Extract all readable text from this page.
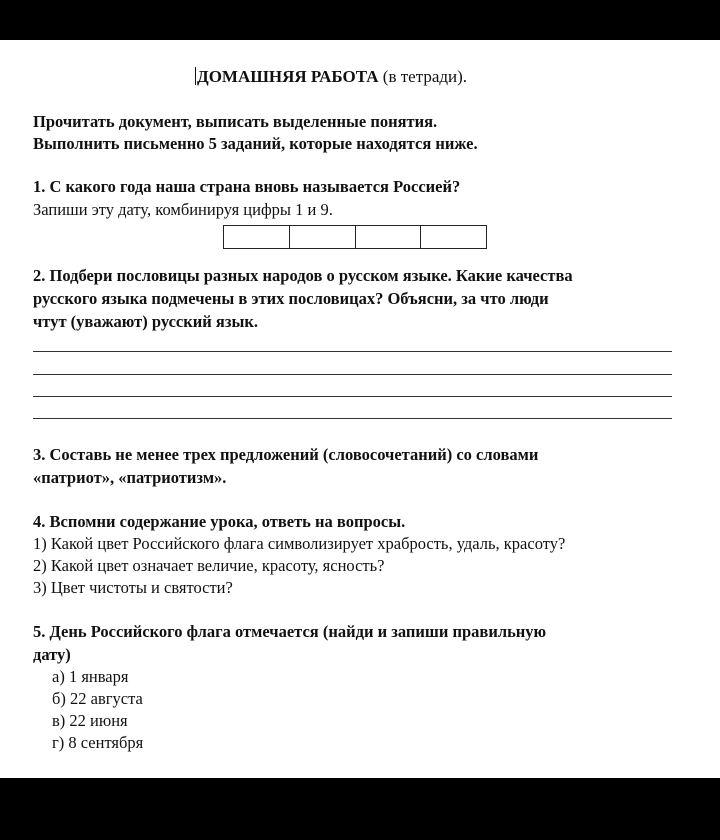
ДОМАШНЯЯ РАБОТА (в тетради).
Прочитать документ, выписать выделенные понятия.
Выполнить письменно 5 заданий, которые находятся ниже.
1. С какого года наша страна вновь называется Россией?
Запиши эту дату, комбинируя цифры 1 и 9.
2. Подбери пословицы разных народов о русском языке. Какие качества
русского языка подмечены в этих пословицах? Объясни, за что люди
чтут (уважают) русский язык.
3. Составь не менее трех предложений (словосочетаний) со словами
«патриот», «патриотизм».
4. Вспомни содержание урока, ответь на вопросы.
1) Какой цвет Российского флага символизирует храбрость, удаль, красоту?
2) Какой цвет означает величие, красоту, ясность?
3) Цвет чистоты и святости?
5. День Российского флага отмечается (найди и запиши правильную
дату)
а) 1 января
б) 22 августа
в) 22 июня
г) 8 сентября
